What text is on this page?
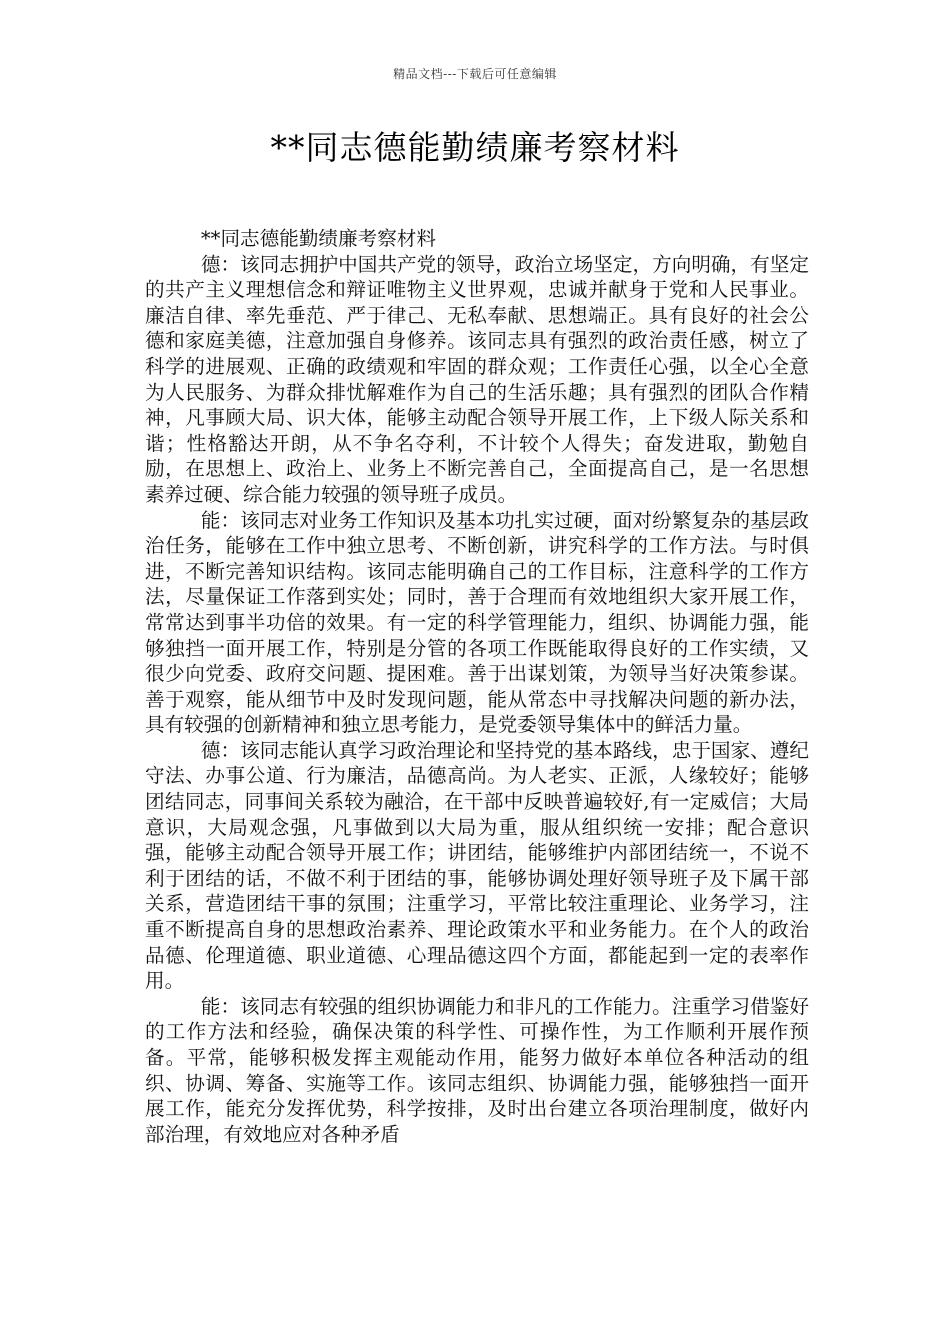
精品文档---下载后可任意编辑
**同志德能勤绩廉考察材料

**同志德能勤绩廉考察材料

德：该同志拥护中国共产党的领导，政治立场坚定，方向明确，有坚定的共产主义理想信念和辩证唯物主义世界观，忠诚并献身于党和人民事业。廉洁自律、率先垂范、严于律己、无私奉献、思想端正。具有良好的社会公德和家庭美德，注意加强自身修养。该同志具有强烈的政治责任感，树立了科学的进展观、正确的政绩观和牢固的群众观；工作责任心强，以全心全意为人民服务、为群众排忧解难作为自己的生活乐趣；具有强烈的团队合作精神，凡事顾大局、识大体，能够主动配合领导开展工作，上下级人际关系和谐；性格豁达开朗，从不争名夺利，不计较个人得失；奋发进取，勤勉自励，在思想上、政治上、业务上不断完善自己，全面提高自己，是一名思想素养过硬、综合能力较强的领导班子成员。

能：该同志对业务工作知识及基本功扎实过硬，面对纷繁复杂的基层政治任务，能够在工作中独立思考、不断创新，讲究科学的工作方法。与时俱进，不断完善知识结构。该同志能明确自己的工作目标，注意科学的工作方法，尽量保证工作落到实处；同时，善于合理而有效地组织大家开展工作，常常达到事半功倍的效果。有一定的科学管理能力，组织、协调能力强，能够独挡一面开展工作，特别是分管的各项工作既能取得良好的工作实绩，又很少向党委、政府交问题、提困难。善于出谋划策，为领导当好决策参谋。善于观察，能从细节中及时发现问题，能从常态中寻找解决问题的新办法，具有较强的创新精神和独立思考能力，是党委领导集体中的鲜活力量。

德：该同志能认真学习政治理论和坚持党的基本路线，忠于国家、遵纪守法、办事公道、行为廉洁，品德高尚。为人老实、正派，人缘较好；能够团结同志，同事间关系较为融洽，在干部中反映普遍较好,有一定威信；大局意识，大局观念强，凡事做到以大局为重，服从组织统一安排；配合意识强，能够主动配合领导开展工作；讲团结，能够维护内部团结统一，不说不利于团结的话，不做不利于团结的事，能够协调处理好领导班子及下属干部关系，营造团结干事的氛围；注重学习，平常比较注重理论、业务学习，注重不断提高自身的思想政治素养、理论政策水平和业务能力。在个人的政治品德、伦理道德、职业道德、心理品德这四个方面，都能起到一定的表率作用。

能：该同志有较强的组织协调能力和非凡的工作能力。注重学习借鉴好的工作方法和经验，确保决策的科学性、可操作性，为工作顺利开展作预备。平常，能够积极发挥主观能动作用，能努力做好本单位各种活动的组织、协调、筹备、实施等工作。该同志组织、协调能力强，能够独挡一面开展工作，能充分发挥优势，科学按排，及时出台建立各项治理制度，做好内部治理，有效地应对各种矛盾
